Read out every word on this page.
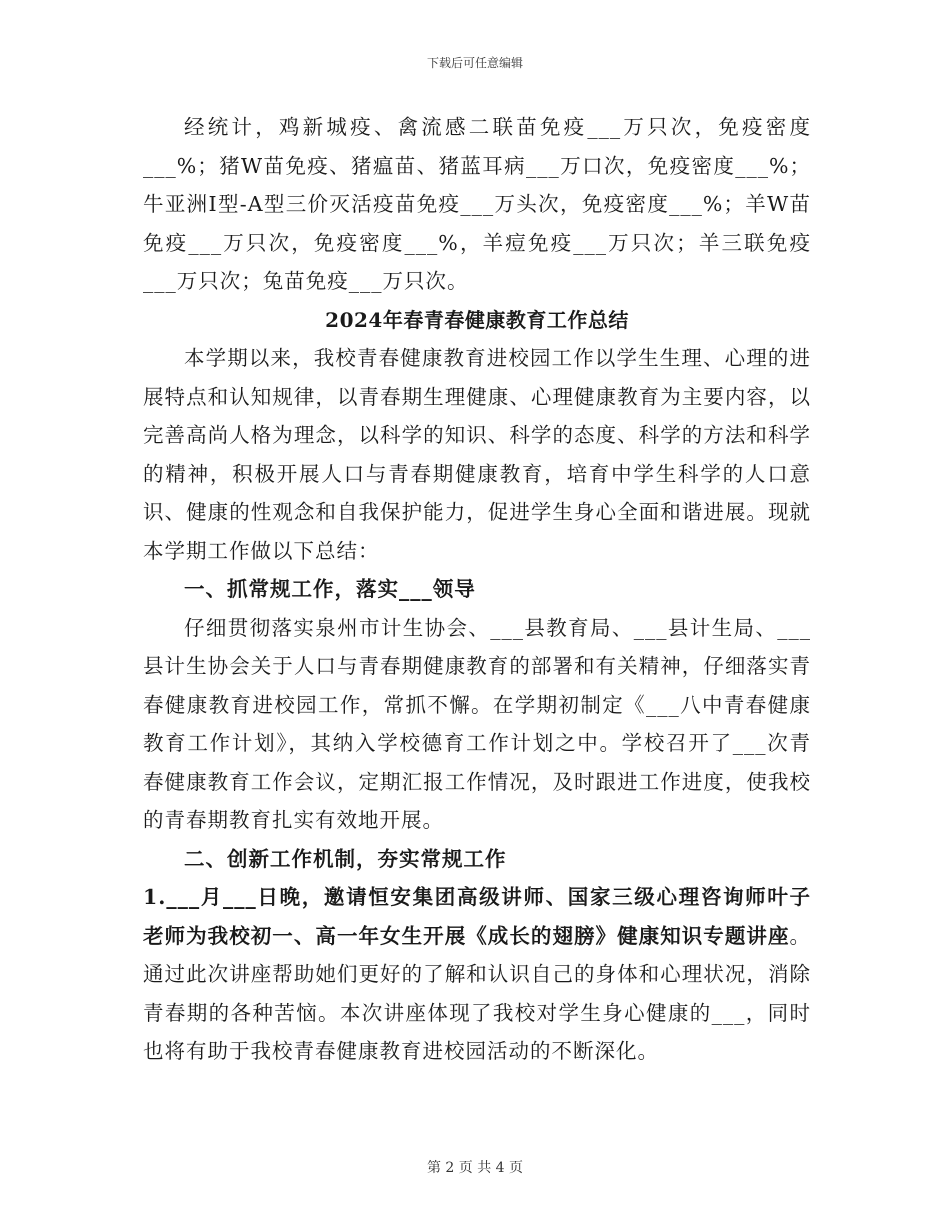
下载后可任意编辑

经统计，鸡新城疫、禽流感二联苗免疫___万只次，免疫密度___%；猪W苗免疫、猪瘟苗、猪蓝耳病___万口次，免疫密度___%；牛亚洲I型-A型三价灭活疫苗免疫___万头次，免疫密度___%；羊W苗免疫___万只次，免疫密度___%，羊痘免疫___万只次；羊三联免疫___万只次；兔苗免疫___万只次。

2024年春青春健康教育工作总结

本学期以来，我校青春健康教育进校园工作以学生生理、心理的进展特点和认知规律，以青春期生理健康、心理健康教育为主要内容，以完善高尚人格为理念，以科学的知识、科学的态度、科学的方法和科学的精神，积极开展人口与青春期健康教育，培育中学生科学的人口意识、健康的性观念和自我保护能力，促进学生身心全面和谐进展。现就本学期工作做以下总结：

一、抓常规工作，落实___领导

仔细贯彻落实泉州市计生协会、___县教育局、___县计生局、___县计生协会关于人口与青春期健康教育的部署和有关精神，仔细落实青春健康教育进校园工作，常抓不懈。在学期初制定《___八中青春健康教育工作计划》，其纳入学校德育工作计划之中。学校召开了___次青春健康教育工作会议，定期汇报工作情况，及时跟进工作进度，使我校的青春期教育扎实有效地开展。

二、创新工作机制，夯实常规工作

1.___月___日晚，邀请恒安集团高级讲师、国家三级心理咨询师叶子老师为我校初一、高一年女生开展《成长的翅膀》健康知识专题讲座。通过此次讲座帮助她们更好的了解和认识自己的身体和心理状况，消除青春期的各种苦恼。本次讲座体现了我校对学生身心健康的___，同时也将有助于我校青春健康教育进校园活动的不断深化。

第 2 页 共 4 页
